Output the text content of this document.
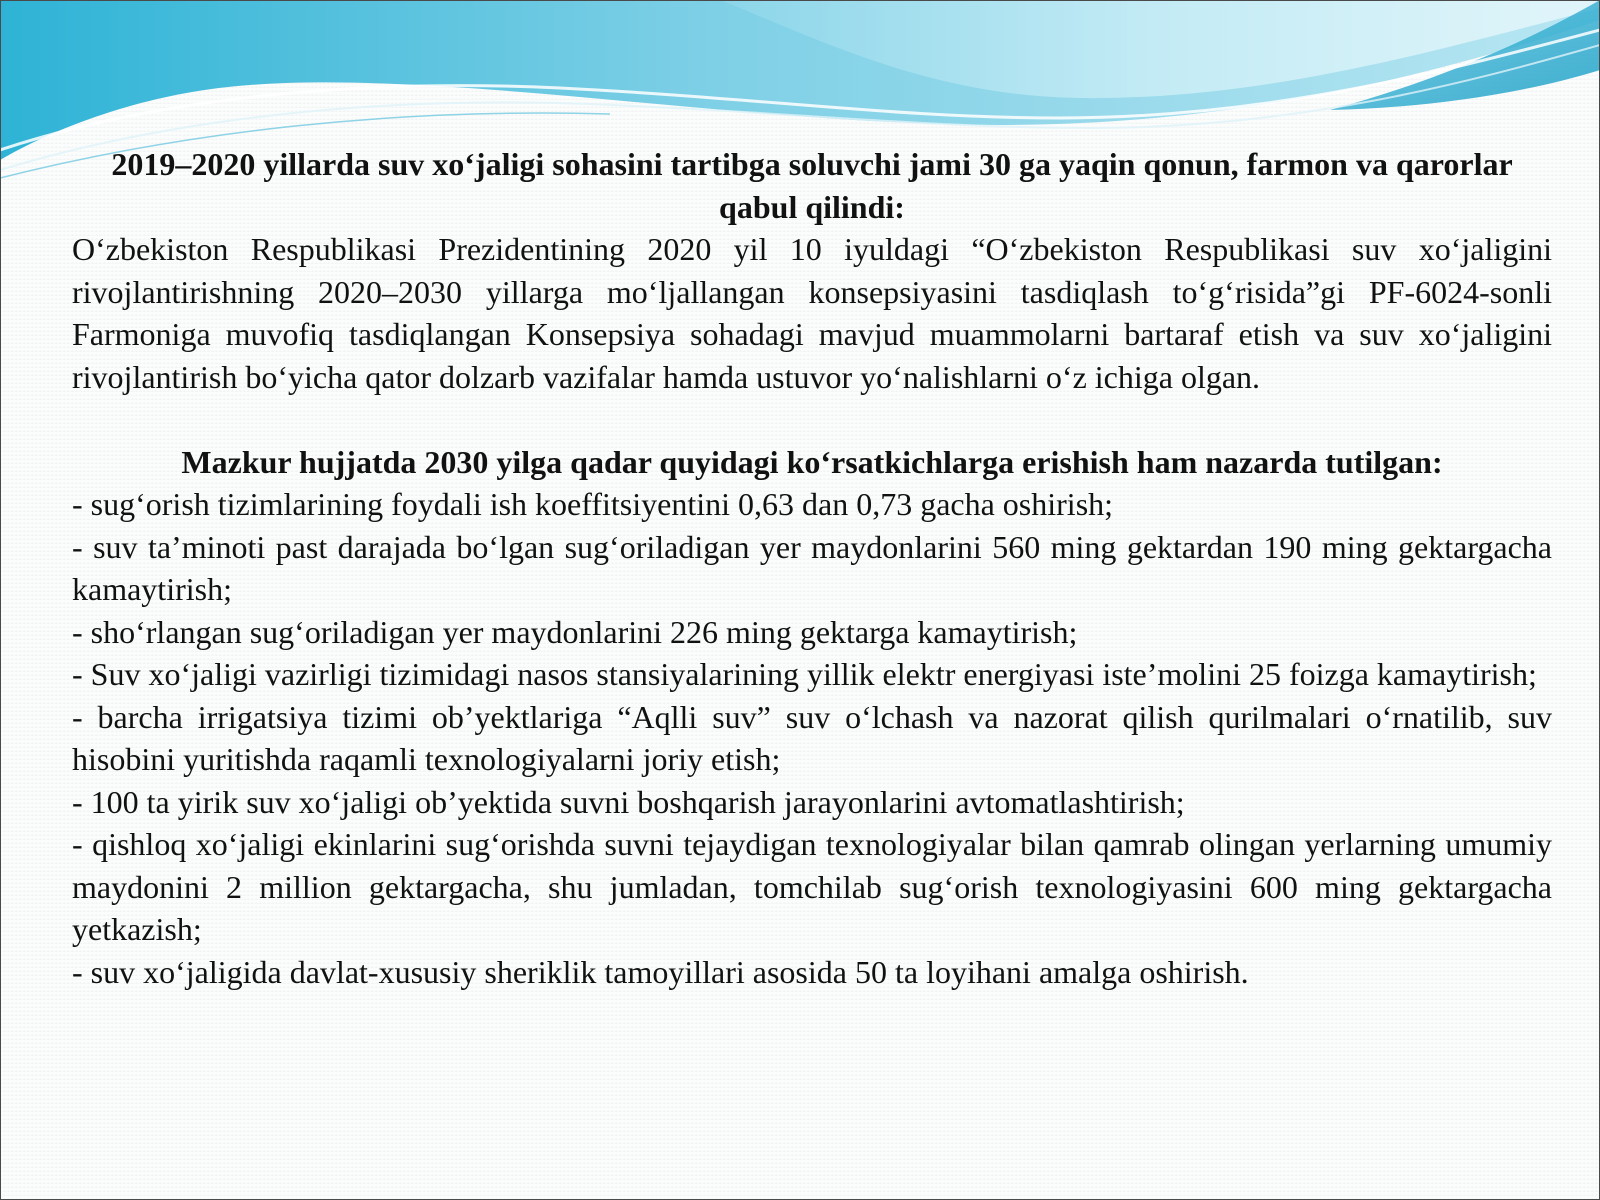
2019–2020 yillarda suv xo‘jaligi sohasini tartibga soluvchi jami 30 ga yaqin qonun, farmon va qarorlar qabul qilindi:

O‘zbekiston Respublikasi Prezidentining 2020 yil 10 iyuldagi “O‘zbekiston Respublikasi suv xo‘jaligini rivojlantirishning 2020–2030 yillarga mo‘ljallangan konsepsiyasini tasdiqlash to‘g‘risida”gi PF-6024-sonli Farmoniga muvofiq tasdiqlangan Konsepsiya sohadagi mavjud muammolarni bartaraf etish va suv xo‘jaligini rivojlantirish bo‘yicha qator dolzarb vazifalar hamda ustuvor yo‘nalishlarni o‘z ichiga olgan.

Mazkur hujjatda 2030 yilga qadar quyidagi ko‘rsatkichlarga erishish ham nazarda tutilgan:

- sug‘orish tizimlarining foydali ish koeffitsiyentini 0,63 dan 0,73 gacha oshirish;
- suv ta’minoti past darajada bo‘lgan sug‘oriladigan yer maydonlarini 560 ming gektardan 190 ming gektargacha kamaytirish;
- sho‘rlangan sug‘oriladigan yer maydonlarini 226 ming gektarga kamaytirish;
- Suv xo‘jaligi vazirligi tizimidagi nasos stansiyalarining yillik elektr energiyasi iste’molini 25 foizga kamaytirish;
- barcha irrigatsiya tizimi ob’yektlariga “Aqlli suv” suv o‘lchash va nazorat qilish qurilmalari o‘rnatilib, suv hisobini yuritishda raqamli texnologiyalarni joriy etish;
- 100 ta yirik suv xo‘jaligi ob’yektida suvni boshqarish jarayonlarini avtomatlashtirish;
- qishloq xo‘jaligi ekinlarini sug‘orishda suvni tejaydigan texnologiyalar bilan qamrab olingan yerlarning umumiy maydonini 2 million gektargacha, shu jumladan, tomchilab sug‘orish texnologiyasini 600 ming gektargacha yetkazish;
- suv xo‘jaligida davlat-xususiy sheriklik tamoyillari asosida 50 ta loyihani amalga oshirish.
